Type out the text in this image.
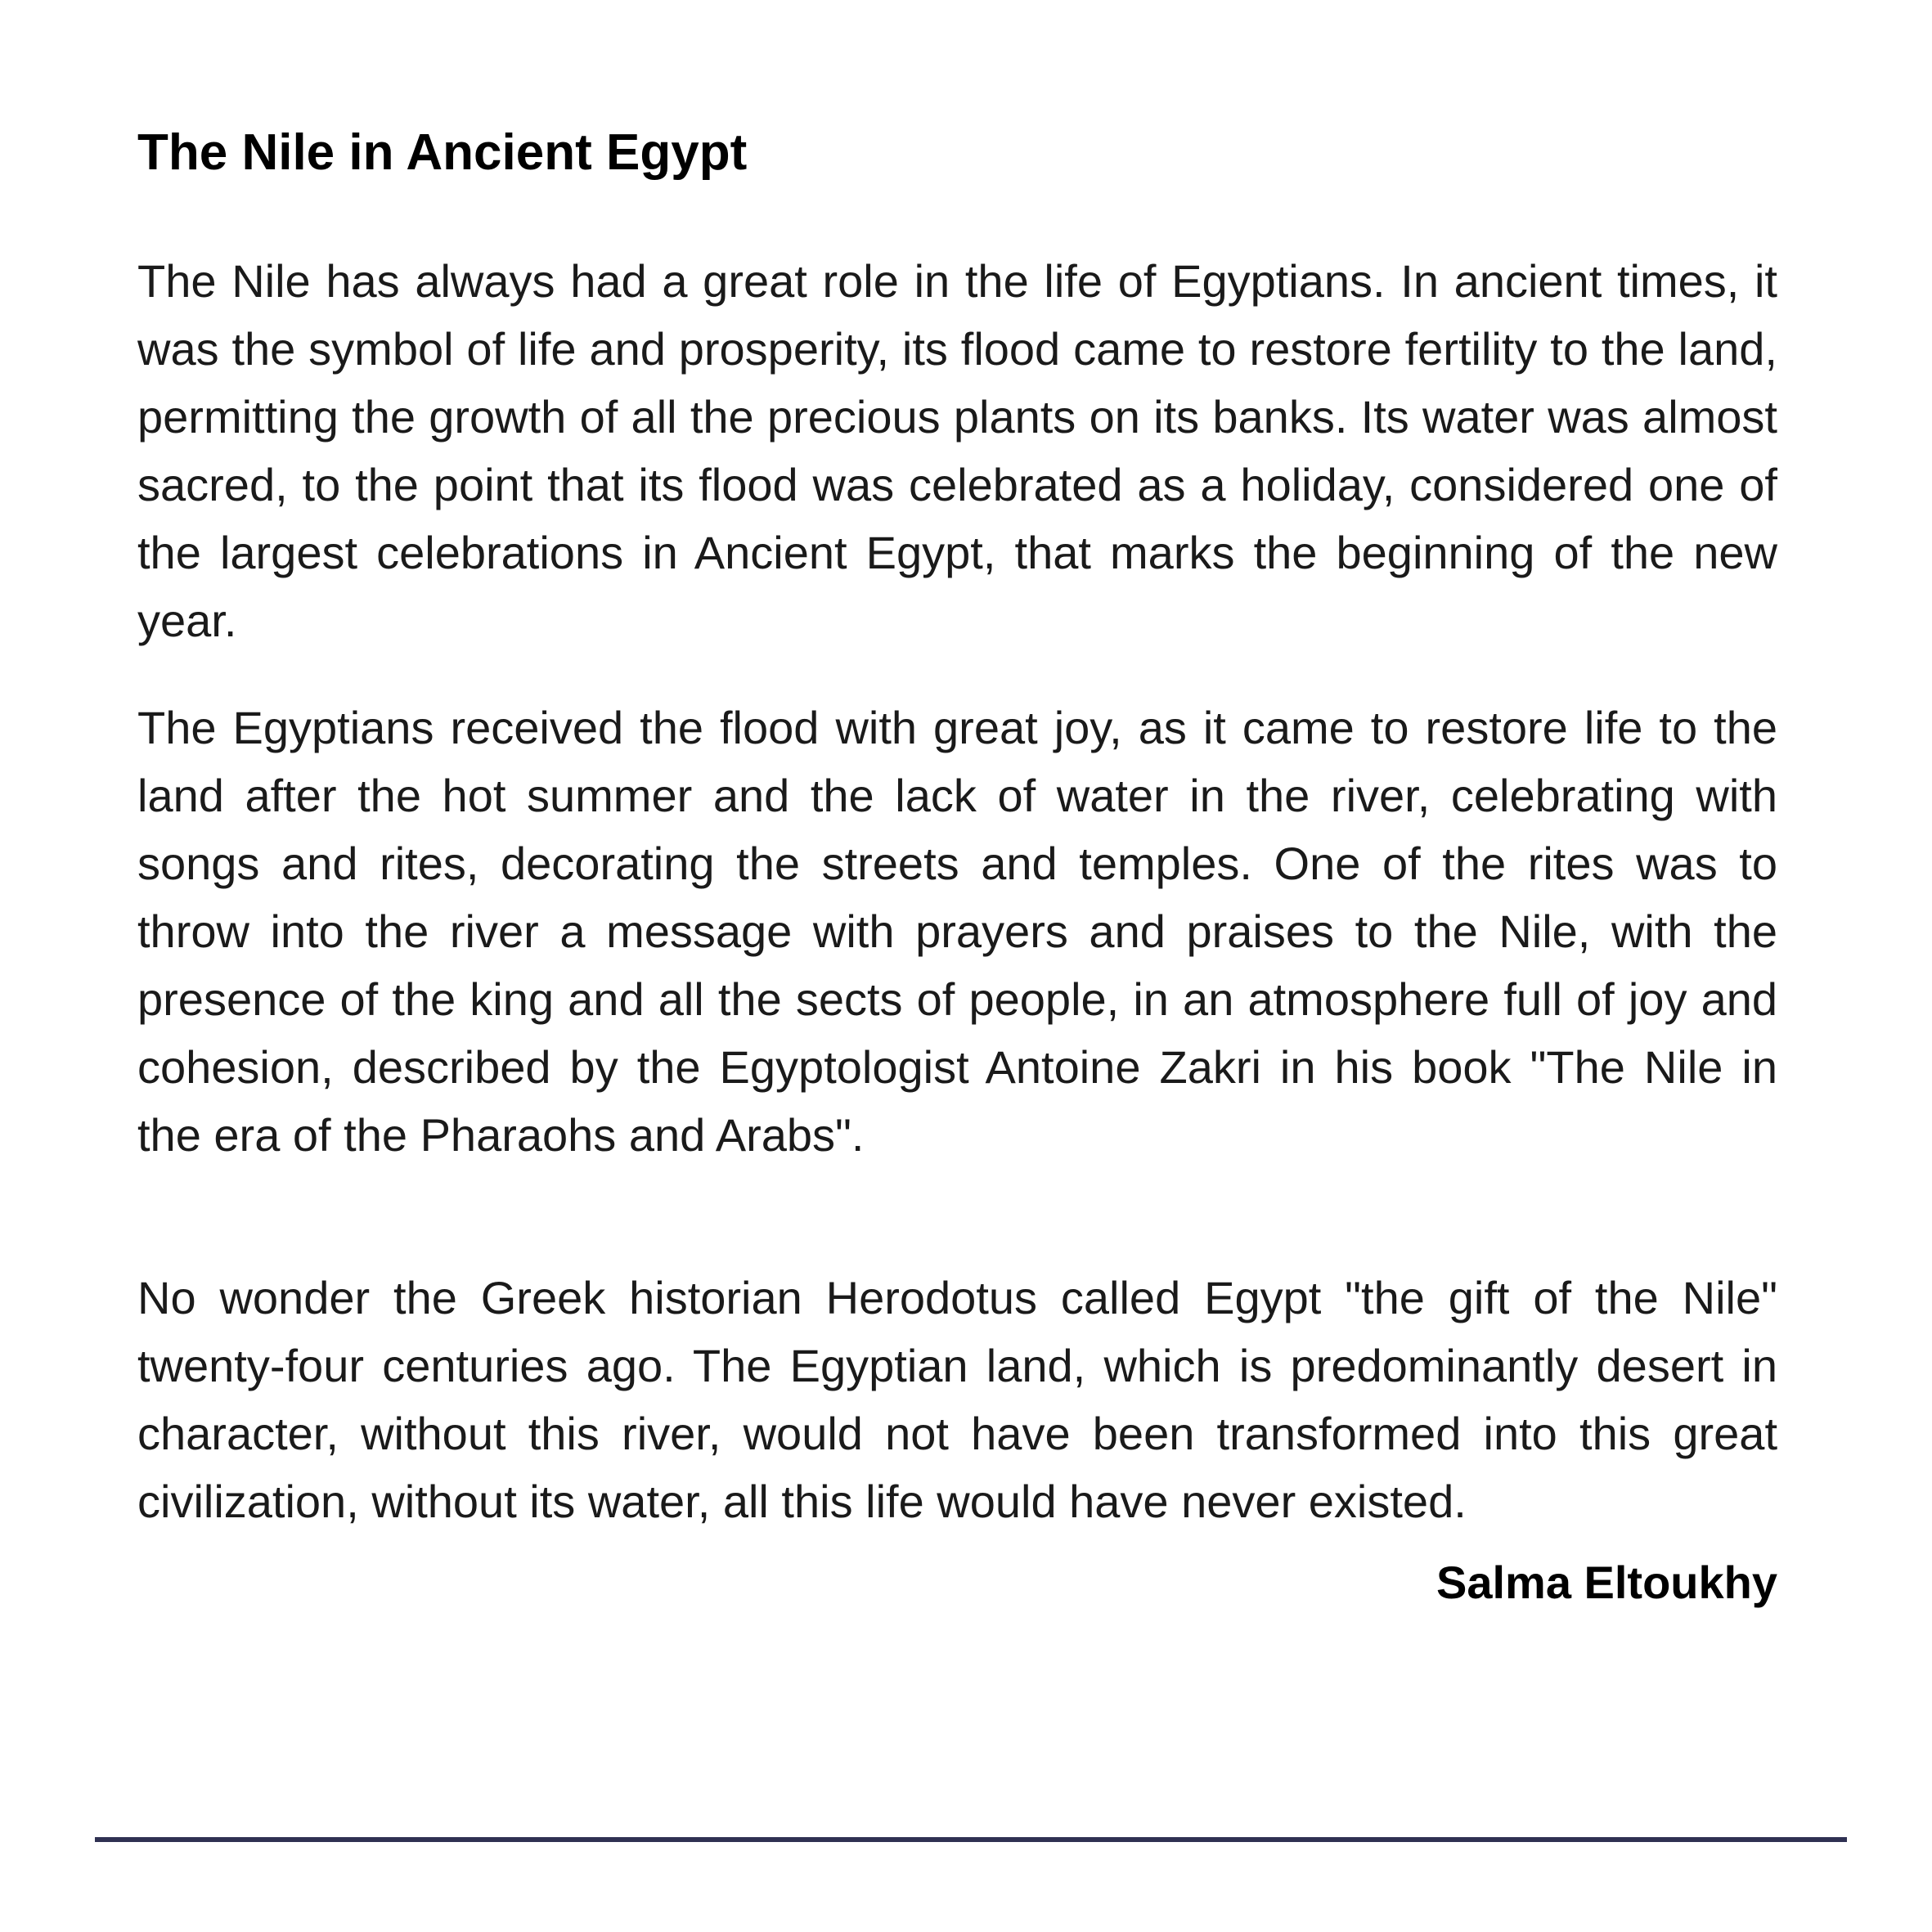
The Nile in Ancient Egypt

The Nile has always had a great role in the life of Egyptians. In ancient times, it was the symbol of life and prosperity, its flood came to restore fertility to the land, permitting the growth of all the precious plants on its banks. Its water was almost sacred, to the point that its flood was celebrated as a holiday, considered one of the largest celebrations in Ancient Egypt, that marks the beginning of the new year.

The Egyptians received the flood with great joy, as it came to restore life to the land after the hot summer and the lack of water in the river, celebrating with songs and rites, decorating the streets and temples. One of the rites was to throw into the river a message with prayers and praises to the Nile, with the presence of the king and all the sects of people, in an atmosphere full of joy and cohesion, described by the Egyptologist Antoine Zakri in his book "The Nile in the era of the Pharaohs and Arabs".

No wonder the Greek historian Herodotus called Egypt "the gift of the Nile" twenty-four centuries ago. The Egyptian land, which is predominantly desert in character, without this river, would not have been transformed into this great civilization, without its water, all this life would have never existed.

Salma Eltoukhy
